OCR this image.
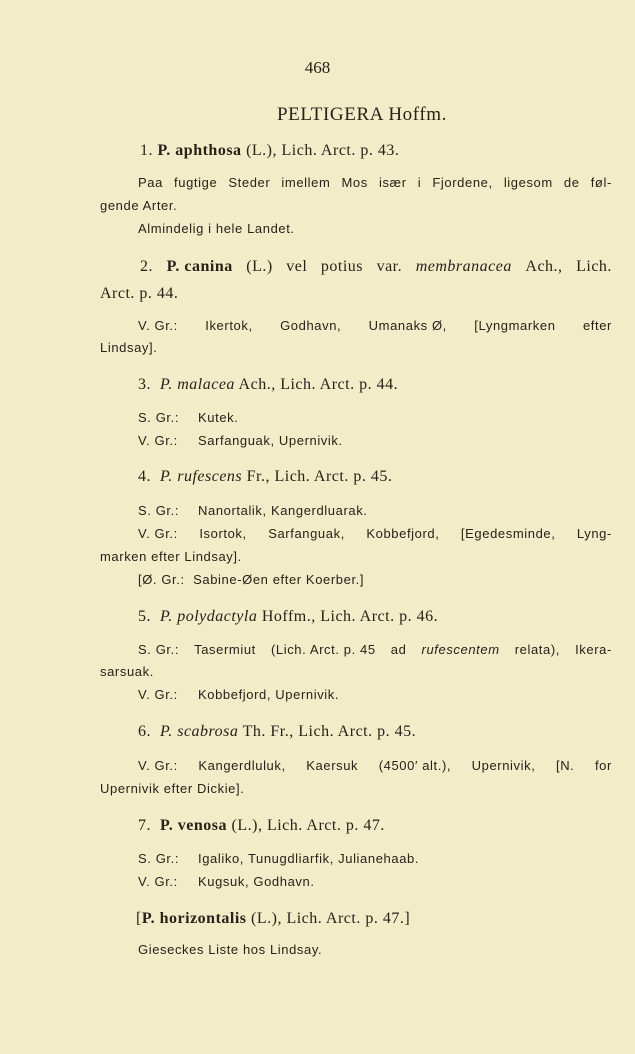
468
PELTIGERA Hoffm.
1. P. aphthosa (L.), Lich. Arct. p. 43.
Paa fugtige Steder imellem Mos især i Fjordene, ligesom de føl-
gende Arter.
Almindelig i hele Landet.
2. P. canina (L.) vel potius var. membranacea Ach., Lich.
Arct. p. 44.
V. Gr.: Ikertok, Godhavn, Umanaks Ø, [Lyngmarken efter
Lindsay].
3. P. malacea Ach., Lich. Arct. p. 44.
S. Gr.: Kutek.
V. Gr.: Sarfanguak, Upernivik.
4. P. rufescens Fr., Lich. Arct. p. 45.
S. Gr.: Nanortalik, Kangerdluarak.
V. Gr.: Isortok, Sarfanguak, Kobbefjord, [Egedesminde, Lyng-
marken efter Lindsay].
[Ø. Gr.:  Sabine-Øen efter Koerber.]
5. P. polydactyla Hoffm., Lich. Arct. p. 46.
S. Gr.: Tasermiut (Lich. Arct. p. 45 ad rufescentem relata), Ikera-
sarsuak.
V. Gr.: Kobbefjord, Upernivik.
6. P. scabrosa Th. Fr., Lich. Arct. p. 45.
V. Gr.: Kangerdluluk, Kaersuk (4500′ alt.), Upernivik, [N. for
Upernivik efter Dickie].
7. P. venosa (L.), Lich. Arct. p. 47.
S. Gr.: Igaliko, Tunugdliarfik, Julianehaab.
V. Gr.: Kugsuk, Godhavn.
[P. horizontalis (L.), Lich. Arct. p. 47.]
Gieseckes Liste hos Lindsay.
